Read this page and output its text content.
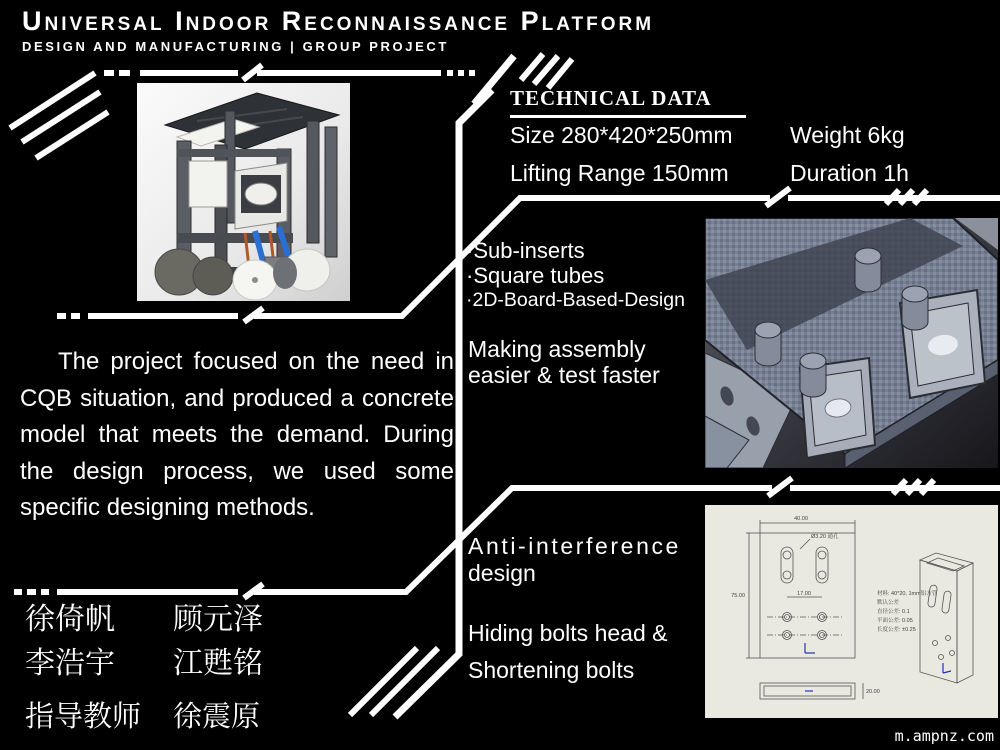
Universal Indoor Reconnaissance Platform
DESIGN AND MANUFACTURING | GROUP PROJECT
TECHNICAL DATA
Size 280*420*250mm	Weight 6kg
Lifting Range 150mm	Duration 1h
·Sub-inserts
·Square tubes
·2D-Board-Based-Design
Making assembly
easier & test faster

The project focused on the need in CQB situation, and produced a concrete model that meets the demand. During the design process, we used some specific designing methods.

徐倚帆	顾元泽
李浩宇	江甦铭
指导教师	徐震原
Anti-interference
design
Hiding bolts head &
Shortening bolts
40.00
75.00	17.00
Ø3.20 通孔
20.00
材料: 40*20, 1mm铝方管
默认公差
直径公差: 0.1
平面公差: 0.05
长度公差: ±0.25
m.ampnz.com
